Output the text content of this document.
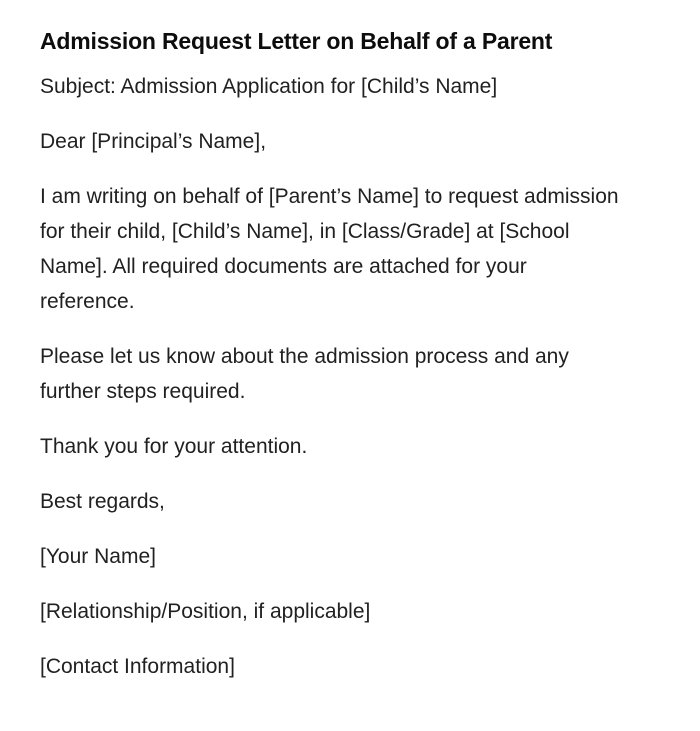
Admission Request Letter on Behalf of a Parent

Subject: Admission Application for [Child’s Name]

Dear [Principal’s Name],

I am writing on behalf of [Parent’s Name] to request admission
for their child, [Child’s Name], in [Class/Grade] at [School
Name]. All required documents are attached for your
reference.

Please let us know about the admission process and any
further steps required.

Thank you for your attention.

Best regards,

[Your Name]

[Relationship/Position, if applicable]

[Contact Information]
